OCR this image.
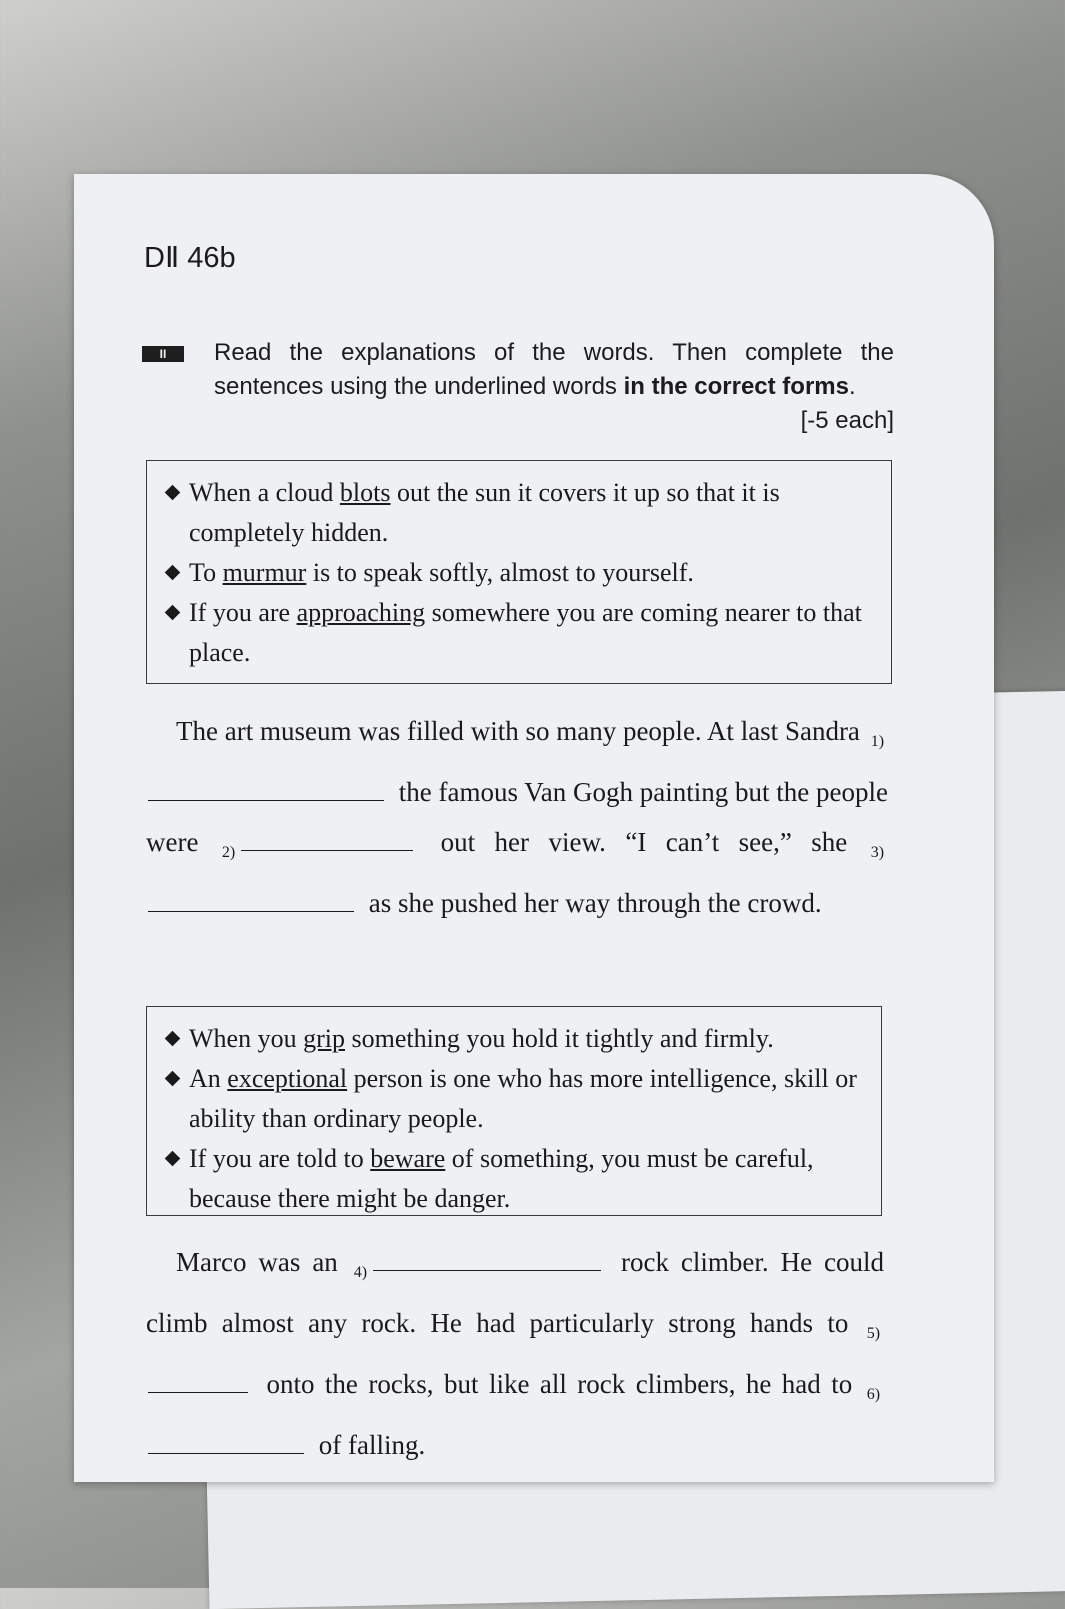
DⅡ 46b
II	Read the explanations of the words. Then complete the sentences using the underlined words in the correct forms.
[-5 each]
When a cloud blots out the sun it covers it up so that it is completely hidden.
To murmur is to speak softly, almost to yourself.
If you are approaching somewhere you are coming nearer to that place.
The art museum was filled with so many people. At last Sandra $_{1)}$ the famous Van Gogh painting but the people were $_{2)}$	out her view. “I can’t see,” she $_{3)}$ as she pushed her way through the crowd.
When you grip something you hold it tightly and firmly.
An exceptional person is one who has more intelligence, skill or ability than ordinary people.
If you are told to beware of something, you must be careful, because there might be danger.
Marco was an $_{4)}$	rock climber. He could climb almost any rock. He had particularly strong hands to $_{5)}$ onto the rocks, but like all rock climbers, he had to $_{6)}$ of falling.
